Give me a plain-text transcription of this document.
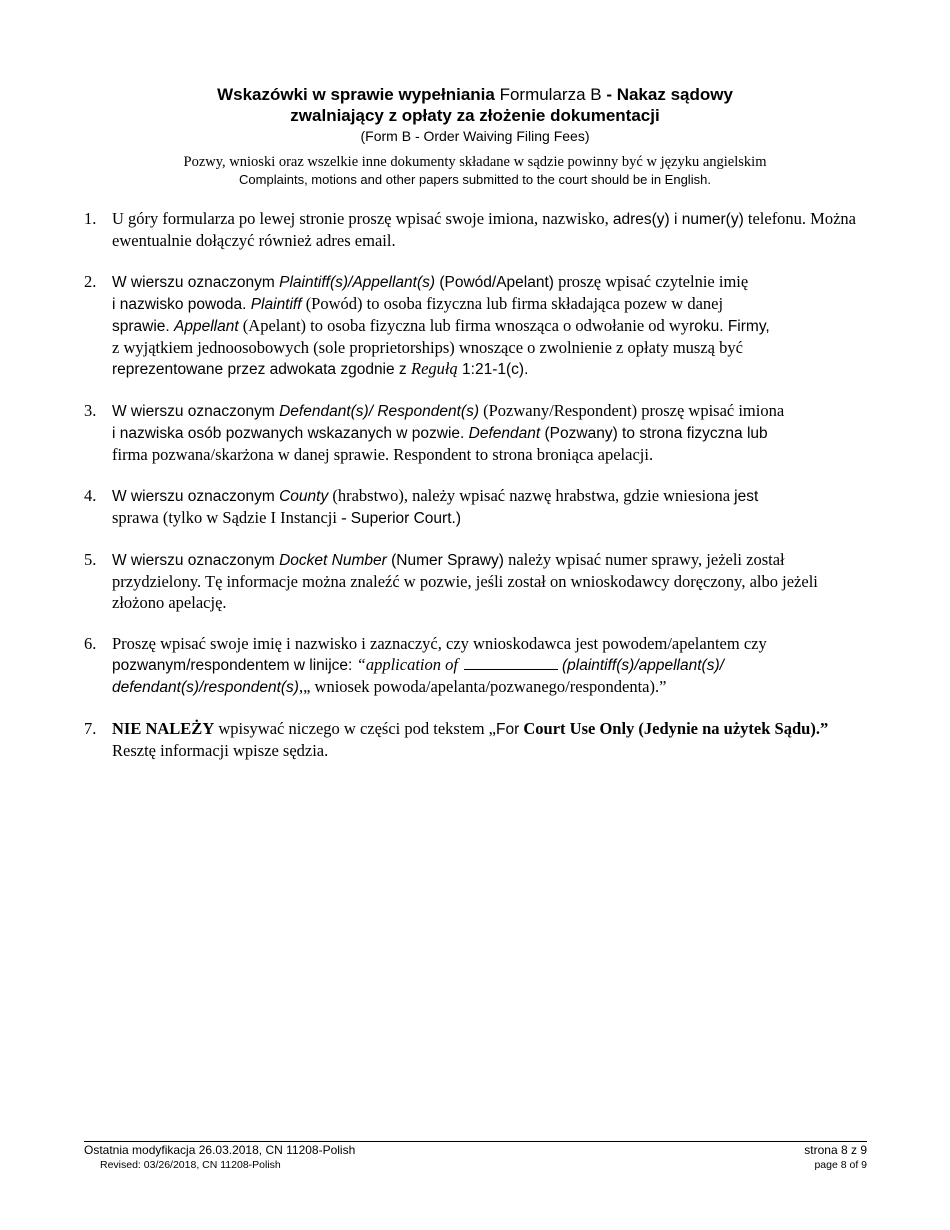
Wskazówki w sprawie wypełniania Formularza B - Nakaz sądowy
zwalniający z opłaty za złożenie dokumentacji
(Form B - Order Waiving Filing Fees)
Pozwy, wnioski oraz wszelkie inne dokumenty składane w sądzie powinny być w języku angielskim
Complaints, motions and other papers submitted to the court should be in English.
1. U góry formularza po lewej stronie proszę wpisać swoje imiona, nazwisko, adres(y) i numer(y) telefonu. Można ewentualnie dołączyć również adres email.
2.	W wierszu oznaczonym Plaintiff(s)/Appellant(s) (Powód/Apelant) proszę wpisać czytelnie imię
i nazwisko powoda. Plaintiff (Powód) to osoba fizyczna lub firma składająca pozew w danej
sprawie. Appellant (Apelant) to osoba fizyczna lub firma wnosząca o odwołanie od wyroku. Firmy,
z wyjątkiem jednoosobowych (sole proprietorships) wnoszące o zwolnienie z opłaty muszą być
reprezentowane przez adwokata zgodnie z Regułą 1:21-1(c).
3.	W wierszu oznaczonym Defendant(s)/ Respondent(s) (Pozwany/Respondent) proszę wpisać imiona
i nazwiska osób pozwanych wskazanych w pozwie. Defendant (Pozwany) to strona fizyczna lub
firma pozwana/skarżona w danej sprawie. Respondent to strona broniąca apelacji.
4.	W wierszu oznaczonym County (hrabstwo), należy wpisać nazwę hrabstwa, gdzie wniesiona jest
sprawa (tylko w Sądzie I Instancji - Superior Court.)
5.	W wierszu oznaczonym Docket Number (Numer Sprawy) należy wpisać numer sprawy, jeżeli został przydzielony. Tę informacje można znaleźć w pozwie, jeśli został on wnioskodawcy doręczony, albo jeżeli złożono apelację.
6. Proszę wpisać swoje imię i nazwisko i zaznaczyć, czy wnioskodawca jest powodem/apelantem czy
pozwanym/respondentem w linijce: “application of	(plaintiff(s)/appellant(s)/ defendant(s)/respondent(s),„ wniosek powoda/apelanta/pozwanego/respondenta).”
7. NIE NALEŻY wpisywać niczego w części pod tekstem „For Court Use Only (Jedynie na użytek Sądu).” Resztę informacji wpisze sędzia.
Ostatnia modyfikacja 26.03.2018, CN 11208-Polish
Revised: 03/26/2018, CN 11208-Polish
strona 8 z 9
page 8 of 9
